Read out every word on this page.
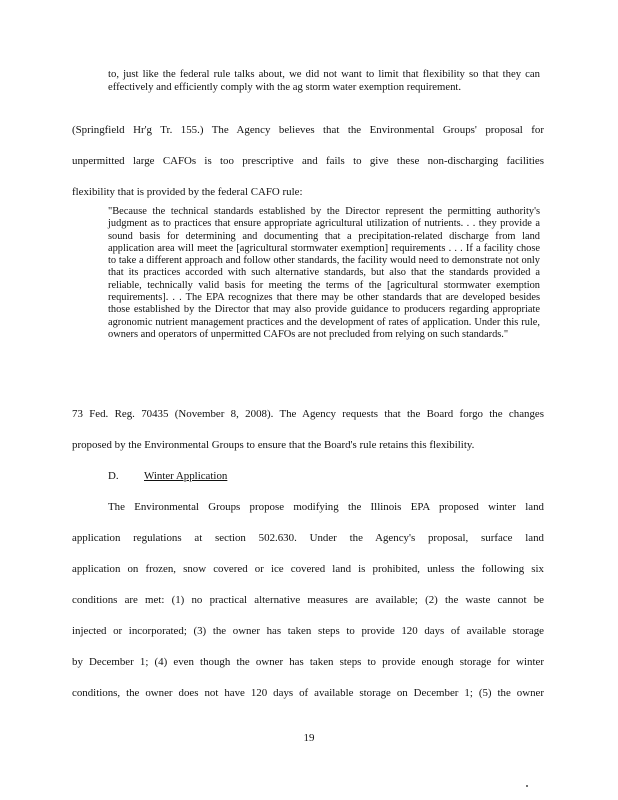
to, just like the federal rule talks about, we did not want to limit that flexibility so that they can effectively and efficiently comply with the ag storm water exemption requirement.

(Springfield Hr'g Tr. 155.) The Agency believes that the Environmental Groups' proposal for
unpermitted large CAFOs is too prescriptive and fails to give these non-discharging facilities
flexibility that is provided by the federal CAFO rule:

"Because the technical standards established by the Director represent the permitting authority's judgment as to practices that ensure appropriate agricultural utilization of nutrients. . . they provide a sound basis for determining and documenting that a precipitation-related discharge from land application area will meet the [agricultural stormwater exemption] requirements . . . If a facility chose to take a different approach and follow other standards, the facility would need to demonstrate not only that its practices accorded with such alternative standards, but also that the standards provided a reliable, technically valid basis for meeting the terms of the [agricultural stormwater exemption requirements]. . . The EPA recognizes that there may be other standards that are developed besides those established by the Director that may also provide guidance to producers regarding appropriate agronomic nutrient management practices and the development of rates of application. Under this rule, owners and operators of unpermitted CAFOs are not precluded from relying on such standards."

73 Fed. Reg. 70435 (November 8, 2008). The Agency requests that the Board forgo the changes
proposed by the Environmental Groups to ensure that the Board's rule retains this flexibility.
D. Winter Application
The Environmental Groups propose modifying the Illinois EPA proposed winter land
application regulations at section 502.630. Under the Agency's proposal, surface land
application on frozen, snow covered or ice covered land is prohibited, unless the following six
conditions are met: (1) no practical alternative measures are available; (2) the waste cannot be
injected or incorporated; (3) the owner has taken steps to provide 120 days of available storage
by December 1; (4) even though the owner has taken steps to provide enough storage for winter
conditions, the owner does not have 120 days of available storage on December 1; (5) the owner
19
